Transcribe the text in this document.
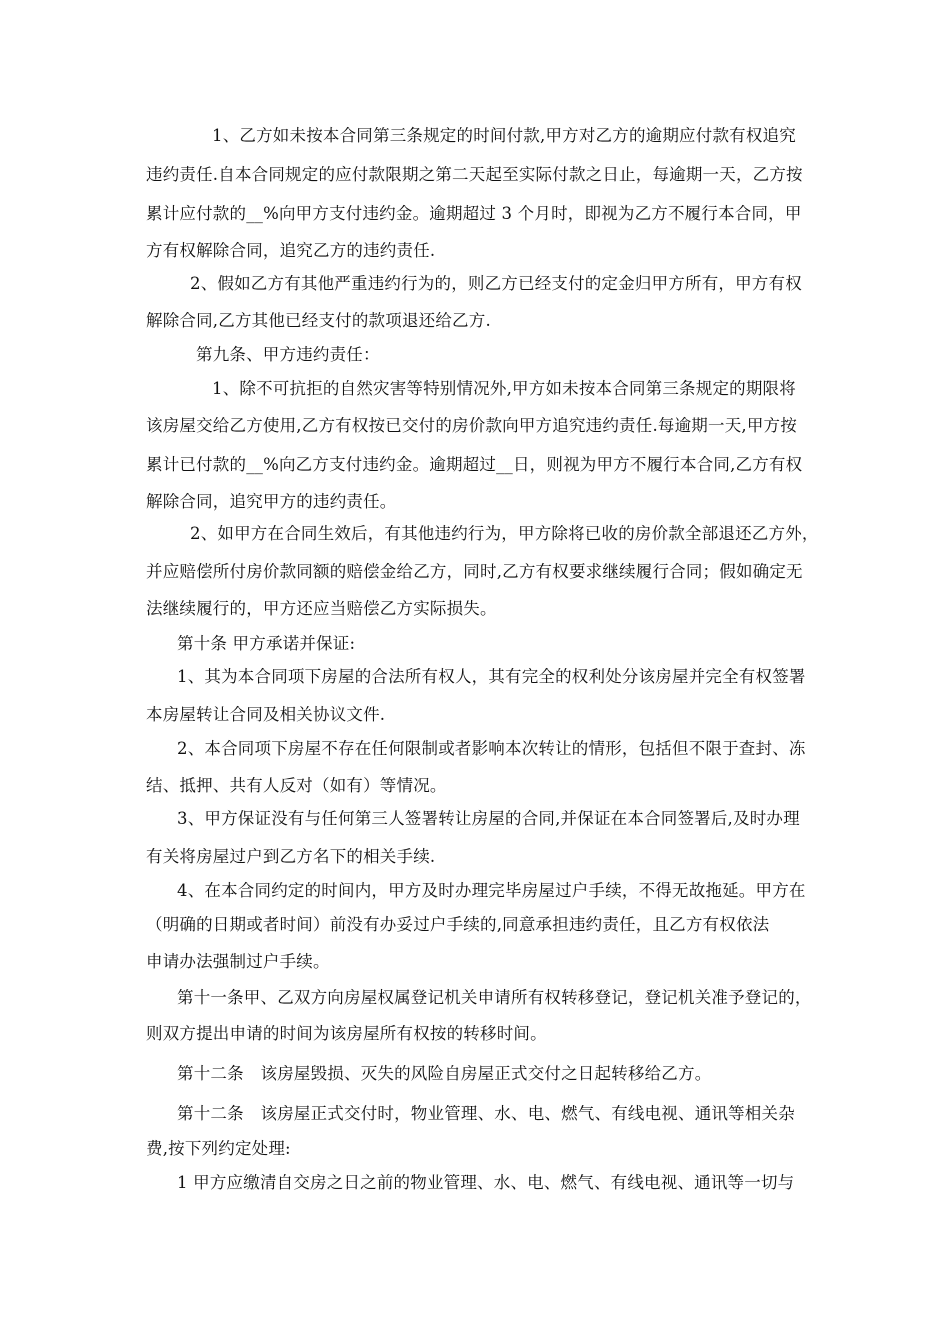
1、乙方如未按本合同第三条规定的时间付款,甲方对乙方的逾期应付款有权追究
违约责任.自本合同规定的应付款限期之第二天起至实际付款之日止，每逾期一天，乙方按
累计应付款的__%向甲方支付违约金。逾期超过 3 个月时，即视为乙方不履行本合同，甲
方有权解除合同，追究乙方的违约责任.
2、假如乙方有其他严重违约行为的，则乙方已经支付的定金归甲方所有，甲方有权
解除合同,乙方其他已经支付的款项退还给乙方.
第九条、甲方违约责任：
1、除不可抗拒的自然灾害等特别情况外,甲方如未按本合同第三条规定的期限将
该房屋交给乙方使用,乙方有权按已交付的房价款向甲方追究违约责任.每逾期一天,甲方按
累计已付款的__%向乙方支付违约金。逾期超过__日，则视为甲方不履行本合同,乙方有权
解除合同，追究甲方的违约责任。
2、如甲方在合同生效后，有其他违约行为，甲方除将已收的房价款全部退还乙方外，
并应赔偿所付房价款同额的赔偿金给乙方，同时,乙方有权要求继续履行合同；假如确定无
法继续履行的，甲方还应当赔偿乙方实际损失。
第十条 甲方承诺并保证:
1、其为本合同项下房屋的合法所有权人，其有完全的权利处分该房屋并完全有权签署
本房屋转让合同及相关协议文件.
2、本合同项下房屋不存在任何限制或者影响本次转让的情形，包括但不限于查封、冻
结、抵押、共有人反对（如有）等情况。
3、甲方保证没有与任何第三人签署转让房屋的合同,并保证在本合同签署后,及时办理
有关将房屋过户到乙方名下的相关手续.
4、在本合同约定的时间内，甲方及时办理完毕房屋过户手续，不得无故拖延。甲方在
（明确的日期或者时间）前没有办妥过户手续的,同意承担违约责任，且乙方有权依法
申请办法强制过户手续。
第十一条甲、乙双方向房屋权属登记机关申请所有权转移登记，登记机关准予登记的，
则双方提出申请的时间为该房屋所有权按的转移时间。
第十二条　该房屋毁损、灭失的风险自房屋正式交付之日起转移给乙方。
第十二条　该房屋正式交付时，物业管理、水、电、燃气、有线电视、通讯等相关杂
费,按下列约定处理:
1 甲方应缴清自交房之日之前的物业管理、水、电、燃气、有线电视、通讯等一切与
